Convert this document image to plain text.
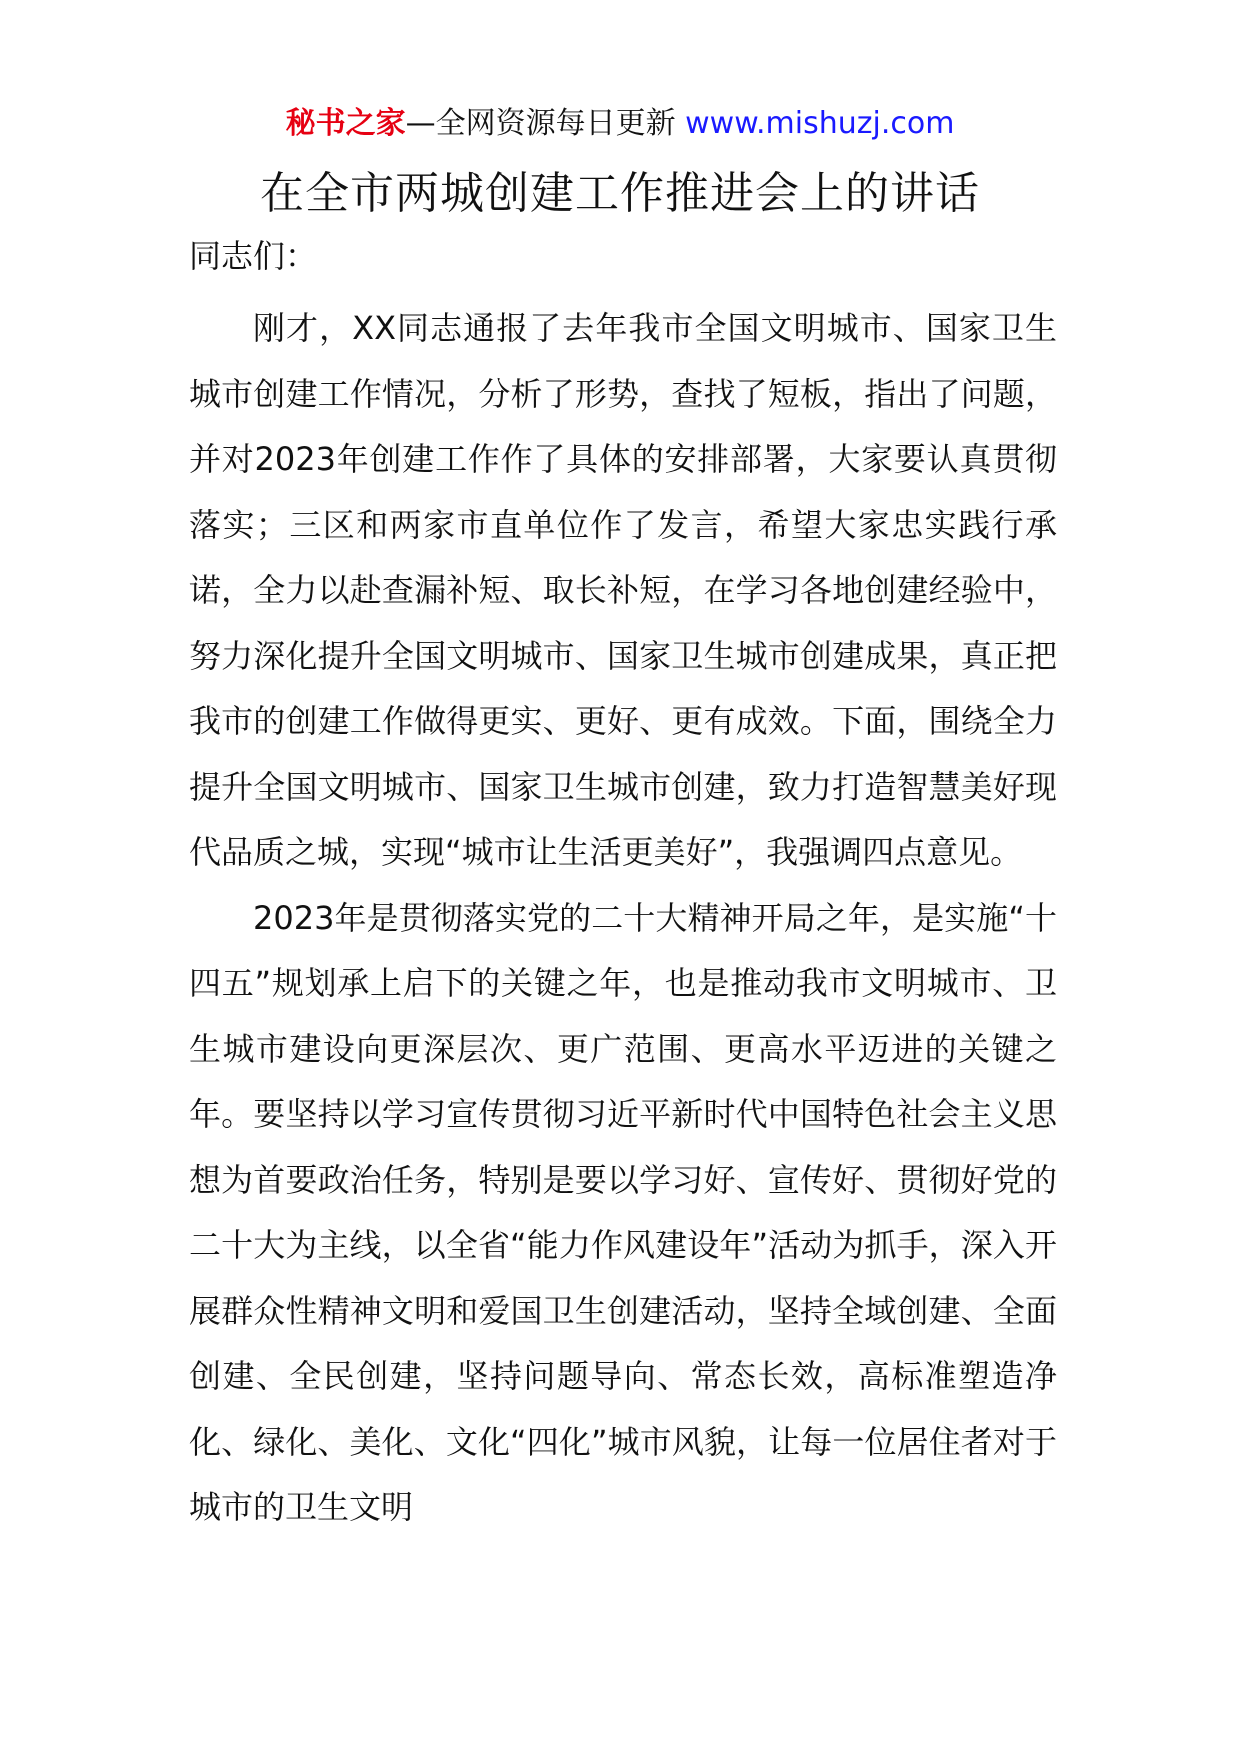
秘书之家—全网资源每日更新 www.mishuzj.com
在全市两城创建工作推进会上的讲话

同志们：

刚才，XX同志通报了去年我市全国文明城市、国家卫生城市创建工作情况，分析了形势，查找了短板，指出了问题，并对2023年创建工作作了具体的安排部署，大家要认真贯彻落实；三区和两家市直单位作了发言，希望大家忠实践行承诺，全力以赴查漏补短、取长补短，在学习各地创建经验中，努力深化提升全国文明城市、国家卫生城市创建成果，真正把我市的创建工作做得更实、更好、更有成效。下面，围绕全力提升全国文明城市、国家卫生城市创建，致力打造智慧美好现代品质之城，实现“城市让生活更美好”，我强调四点意见。

2023年是贯彻落实党的二十大精神开局之年，是实施“十四五”规划承上启下的关键之年，也是推动我市文明城市、卫生城市建设向更深层次、更广范围、更高水平迈进的关键之年。要坚持以学习宣传贯彻习近平新时代中国特色社会主义思想为首要政治任务，特别是要以学习好、宣传好、贯彻好党的二十大为主线，以全省“能力作风建设年”活动为抓手，深入开展群众性精神文明和爱国卫生创建活动，坚持全域创建、全面创建、全民创建，坚持问题导向、常态长效，高标准塑造净化、绿化、美化、文化“四化”城市风貌，让每一位居住者对于城市的卫生文明
